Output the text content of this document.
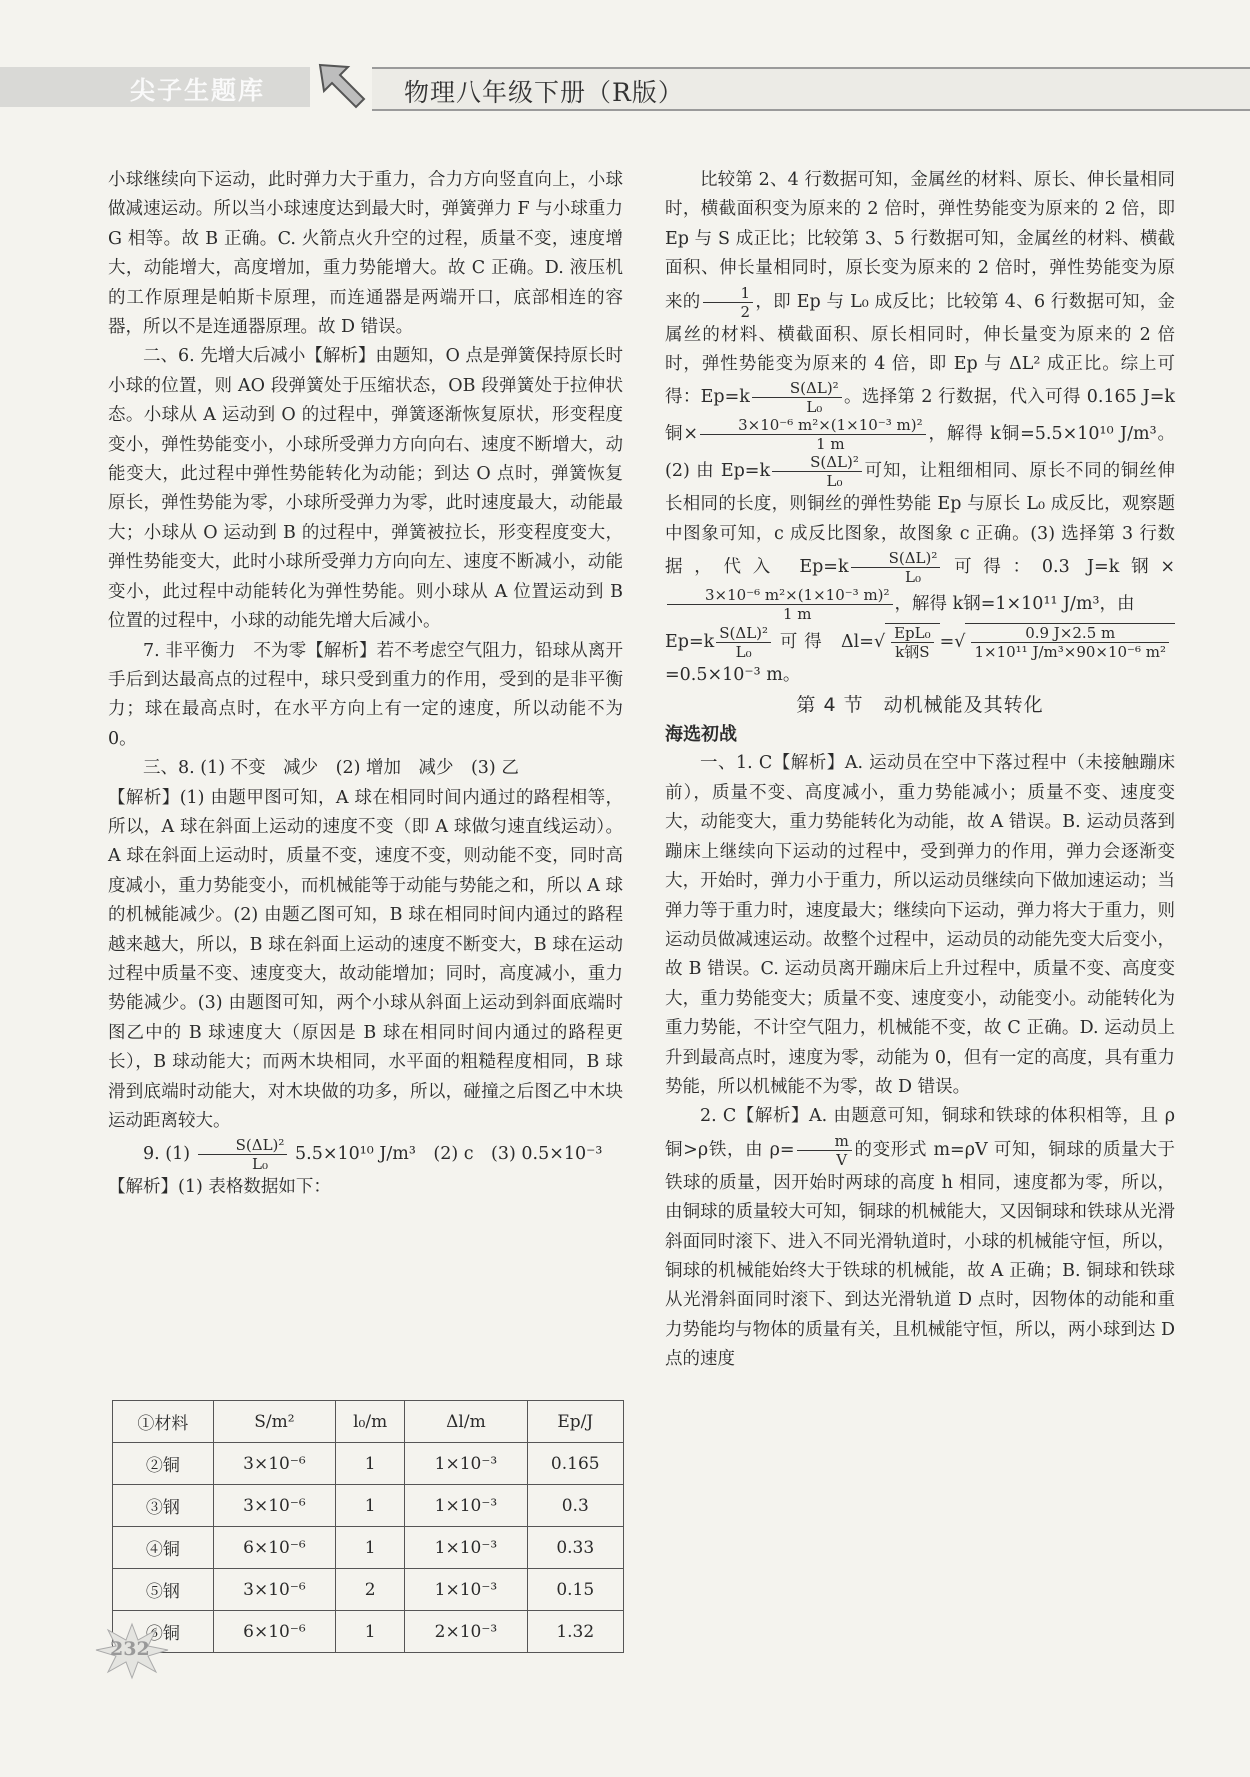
尖子生题库	物理八年级下册（R版）

小球继续向下运动，此时弹力大于重力，合力方向竖直向上，小球做减速运动。所以当小球速度达到最大时，弹簧弹力 F 与小球重力 G 相等。故 B 正确。C. 火箭点火升空的过程，质量不变，速度增大，动能增大，高度增加，重力势能增大。故 C 正确。D. 液压机的工作原理是帕斯卡原理，而连通器是两端开口，底部相连的容器，所以不是连通器原理。故 D 错误。

二、6. 先增大后减小【解析】由题知，O 点是弹簧保持原长时小球的位置，则 AO 段弹簧处于压缩状态，OB 段弹簧处于拉伸状态。小球从 A 运动到 O 的过程中，弹簧逐渐恢复原状，形变程度变小，弹性势能变小，小球所受弹力方向向右、速度不断增大，动能变大，此过程中弹性势能转化为动能；到达 O 点时，弹簧恢复原长，弹性势能为零，小球所受弹力为零，此时速度最大，动能最大；小球从 O 运动到 B 的过程中，弹簧被拉长，形变程度变大，弹性势能变大，此时小球所受弹力方向向左、速度不断减小，动能变小，此过程中动能转化为弹性势能。则小球从 A 位置运动到 B 位置的过程中，小球的动能先增大后减小。

7. 非平衡力　不为零【解析】若不考虑空气阻力，铅球从离开手后到达最高点的过程中，球只受到重力的作用，受到的是非平衡力；球在最高点时，在水平方向上有一定的速度，所以动能不为 0。

三、8. (1) 不变　减少　(2) 增加　减少　(3) 乙

【解析】(1) 由题甲图可知，A 球在相同时间内通过的路程相等，所以，A 球在斜面上运动的速度不变（即 A 球做匀速直线运动）。A 球在斜面上运动时，质量不变，速度不变，则动能不变，同时高度减小，重力势能变小，而机械能等于动能与势能之和，所以 A 球的机械能减少。(2) 由题乙图可知，B 球在相同时间内通过的路程越来越大，所以，B 球在斜面上运动的速度不断变大，B 球在运动过程中质量不变、速度变大，故动能增加；同时，高度减小，重力势能减少。(3) 由题图可知，两个小球从斜面上运动到斜面底端时图乙中的 B 球速度大（原因是 B 球在相同时间内通过的路程更长），B 球动能大；而两木块相同，水平面的粗糙程度相同，B 球滑到底端时动能大，对木块做的功多，所以，碰撞之后图乙中木块运动距离较大。

9. $(1) \frac{\text{S(ΔL)²}}{\text{L₀}} 5.5\times 10^{10}$ J/m³　(2) c　(3) 0.5×10⁻³

【解析】(1) 表格数据如下：

①材料	S/m²	l₀/m	Δl/m	Ep/J
②铜	3×10⁻⁶	1	1×10⁻³	0.165
③钢	3×10⁻⁶	1	1×10⁻³	0.3
④铜	6×10⁻⁶	1	1×10⁻³	0.33
⑤钢	3×10⁻⁶	2	1×10⁻³	0.15
⑥铜	6×10⁻⁶	1	2×10⁻³	1.32

比较第 2、4 行数据可知，金属丝的材料、原长、伸长量相同时，横截面积变为原来的 2 倍时，弹性势能变为原来的 2 倍，即 Ep 与 S 成正比；比较第 3、5 行数据可知，金属丝的材料、横截面积、伸长量相同时，原长变为原来的 2 倍时，弹性势能变为原来的 $\frac{1}{2}$ ，即 Ep 与 L₀ 成反比；比较第 4、6 行数据可知，金属丝的材料、横截面积、原长相同时，伸长量变为原来的 2 倍时，弹性势能变为原来的 4 倍，即 Ep 与 ΔL² 成正比。综上可得：$Ep=k \frac{\text{S(ΔL)²}}{\text{L₀}}$ 。选择第 2 行数据，代入可得 0.165 J=k铜× $\frac{\text{3×10⁻⁶ m²×(1×10⁻³ m)²}}{1 m}$ ，解得 k铜=5.5×10¹⁰ J/m³。(2) 由 $Ep=k \frac{\text{S(ΔL)²}}{\text{L₀}}$ 可知，让粗细相同、原长不同的铜丝伸长相同的长度，则铜丝的弹性势能 Ep 与原长 L₀ 成反比，观察题中图象可知，c 成反比图象，故图象 c 正确。(3) 选择第 3 行数据，代入 $Ep=k \frac{\text{S(ΔL)²}}{\text{L₀}}$ 可得：0.3 J=k钢×
$\frac{\text{3×10⁻⁶ m²×(1×10⁻³ m)²}}{1 m}$ ，解得 k钢=1×10¹¹ J/m³，由

$Ep=k \frac{\text{S(ΔL)²}}{\text{L₀}}$ 可得 $\Delta l=√ \frac{\text{EpL₀}}{\text{k钢S}}$ =√ $\frac{0.9 J\times 2.5 m}{\text{1×10¹¹ J/m³×90×10⁻⁶ m²}}$
=0.5×10⁻³ m。

第 4 节　动机械能及其转化

海选初战

一、1. C【解析】A. 运动员在空中下落过程中（未接触蹦床前），质量不变、高度减小，重力势能减小；质量不变、速度变大，动能变大，重力势能转化为动能，故 A 错误。B. 运动员落到蹦床上继续向下运动的过程中，受到弹力的作用，弹力会逐渐变大，开始时，弹力小于重力，所以运动员继续向下做加速运动；当弹力等于重力时，速度最大；继续向下运动，弹力将大于重力，则运动员做减速运动。故整个过程中，运动员的动能先变大后变小，故 B 错误。C. 运动员离开蹦床后上升过程中，质量不变、高度变大，重力势能变大；质量不变、速度变小，动能变小。动能转化为重力势能，不计空气阻力，机械能不变，故 C 正确。D. 运动员上升到最高点时，速度为零，动能为 0，但有一定的高度，具有重力势能，所以机械能不为零，故 D 错误。

2. C【解析】A. 由题意可知，铜球和铁球的体积相等，且 ρ铜>ρ铁，由 $\rho= \frac{m}{V}$ 的变形式 m=ρV 可知，铜球的质量大于铁球的质量，因开始时两球的高度 h 相同，速度都为零，所以，由铜球的质量较大可知，铜球的机械能大，又因铜球和铁球从光滑斜面同时滚下、进入不同光滑轨道时，小球的机械能守恒，所以，铜球的机械能始终大于铁球的机械能，故 A 正确；B. 铜球和铁球从光滑斜面同时滚下、到达光滑轨道 D 点时，因物体的动能和重力势能均与物体的质量有关，且机械能守恒，所以，两小球到达 D 点的速度

232
